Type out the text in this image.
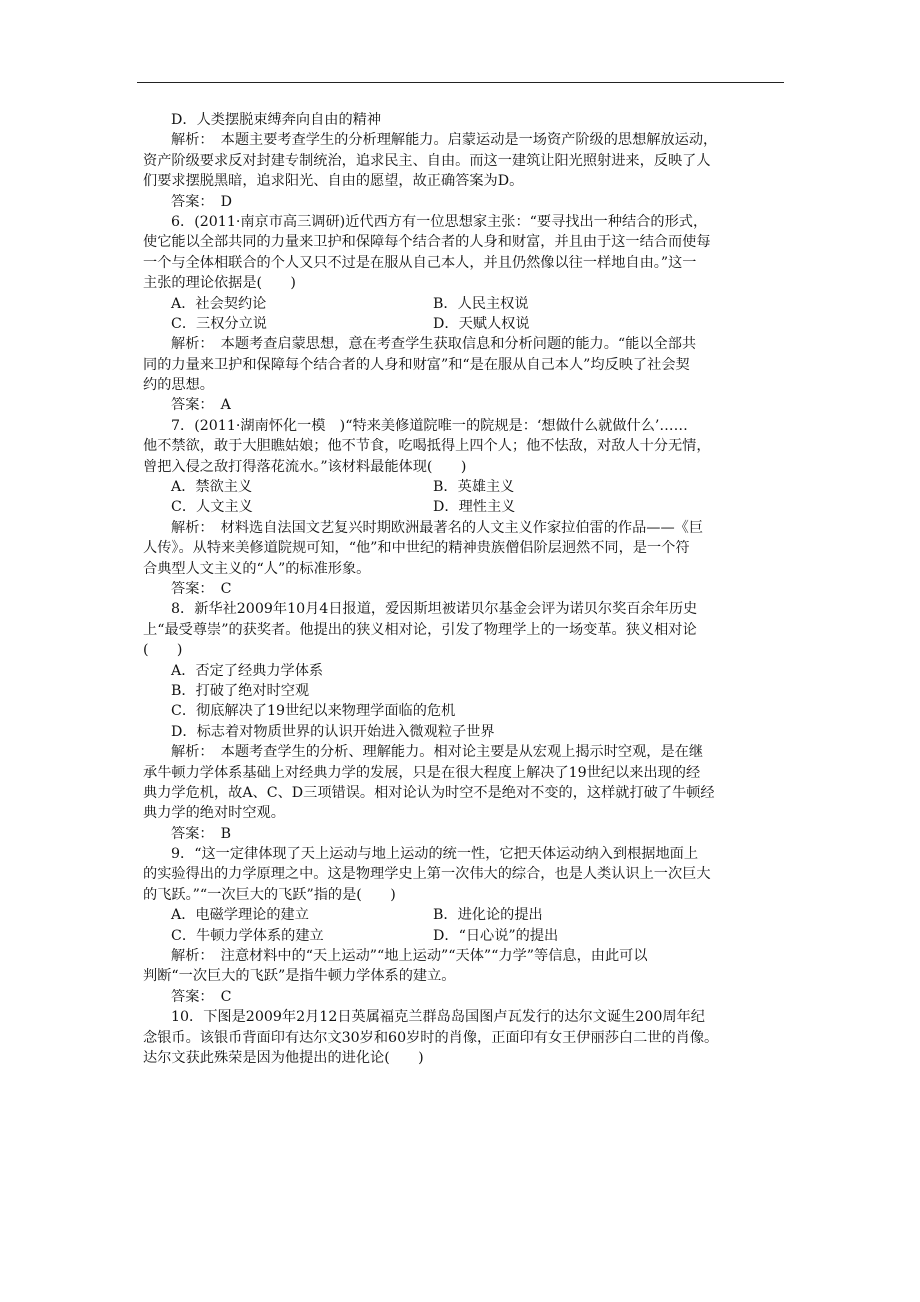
D．人类摆脱束缚奔向自由的精神
解析：　本题主要考查学生的分析理解能力。启蒙运动是一场资产阶级的思想解放运动，
资产阶级要求反对封建专制统治，追求民主、自由。而这一建筑让阳光照射进来，反映了人
们要求摆脱黑暗，追求阳光、自由的愿望，故正确答案为D。
答案：　D
6．(2011·南京市高三调研)近代西方有一位思想家主张：“要寻找出一种结合的形式，
使它能以全部共同的力量来卫护和保障每个结合者的人身和财富，并且由于这一结合而使每
一个与全体相联合的个人又只不过是在服从自己本人，并且仍然像以往一样地自由。”这一
主张的理论依据是(　　)
A．社会契约论	B．人民主权说
C．三权分立说	D．天赋人权说
解析：　本题考查启蒙思想，意在考查学生获取信息和分析问题的能力。“能以全部共
同的力量来卫护和保障每个结合者的人身和财富”和“是在服从自己本人”均反映了社会契
约的思想。
答案：　A
7．(2011·湖南怀化一模　)“特来美修道院唯一的院规是：‘想做什么就做什么’……
他不禁欲，敢于大胆瞧姑娘；他不节食，吃喝抵得上四个人；他不怯敌，对敌人十分无情，
曾把入侵之敌打得落花流水。”该材料最能体现(　　)
A．禁欲主义	B．英雄主义
C．人文主义	D．理性主义
解析：　材料选自法国文艺复兴时期欧洲最著名的人文主义作家拉伯雷的作品——《巨
人传》。从特来美修道院规可知，“他”和中世纪的精神贵族僧侣阶层迥然不同，是一个符
合典型人文主义的“人”的标准形象。
答案：　C
8．新华社2009年10月4日报道，爱因斯坦被诺贝尔基金会评为诺贝尔奖百余年历史
上“最受尊崇”的获奖者。他提出的狭义相对论，引发了物理学上的一场变革。狭义相对论
(　　)
A．否定了经典力学体系
B．打破了绝对时空观
C．彻底解决了19世纪以来物理学面临的危机
D．标志着对物质世界的认识开始进入微观粒子世界
解析：　本题考查学生的分析、理解能力。相对论主要是从宏观上揭示时空观，是在继
承牛顿力学体系基础上对经典力学的发展，只是在很大程度上解决了19世纪以来出现的经
典力学危机，故A、C、D三项错误。相对论认为时空不是绝对不变的，这样就打破了牛顿经
典力学的绝对时空观。
答案：　B
9．“这一定律体现了天上运动与地上运动的统一性，它把天体运动纳入到根据地面上
的实验得出的力学原理之中。这是物理学史上第一次伟大的综合，也是人类认识上一次巨大
的飞跃。”“一次巨大的飞跃”指的是(　　)
A．电磁学理论的建立	B．进化论的提出
C．牛顿力学体系的建立	D．“日心说”的提出
解析：　注意材料中的“天上运动”“地上运动”“天体”“力学”等信息，由此可以
判断“一次巨大的飞跃”是指牛顿力学体系的建立。
答案：　C
10．下图是2009年2月12日英属福克兰群岛岛国图卢瓦发行的达尔文诞生200周年纪
念银币。该银币背面印有达尔文30岁和60岁时的肖像，正面印有女王伊丽莎白二世的肖像。
达尔文获此殊荣是因为他提出的进化论(　　)
